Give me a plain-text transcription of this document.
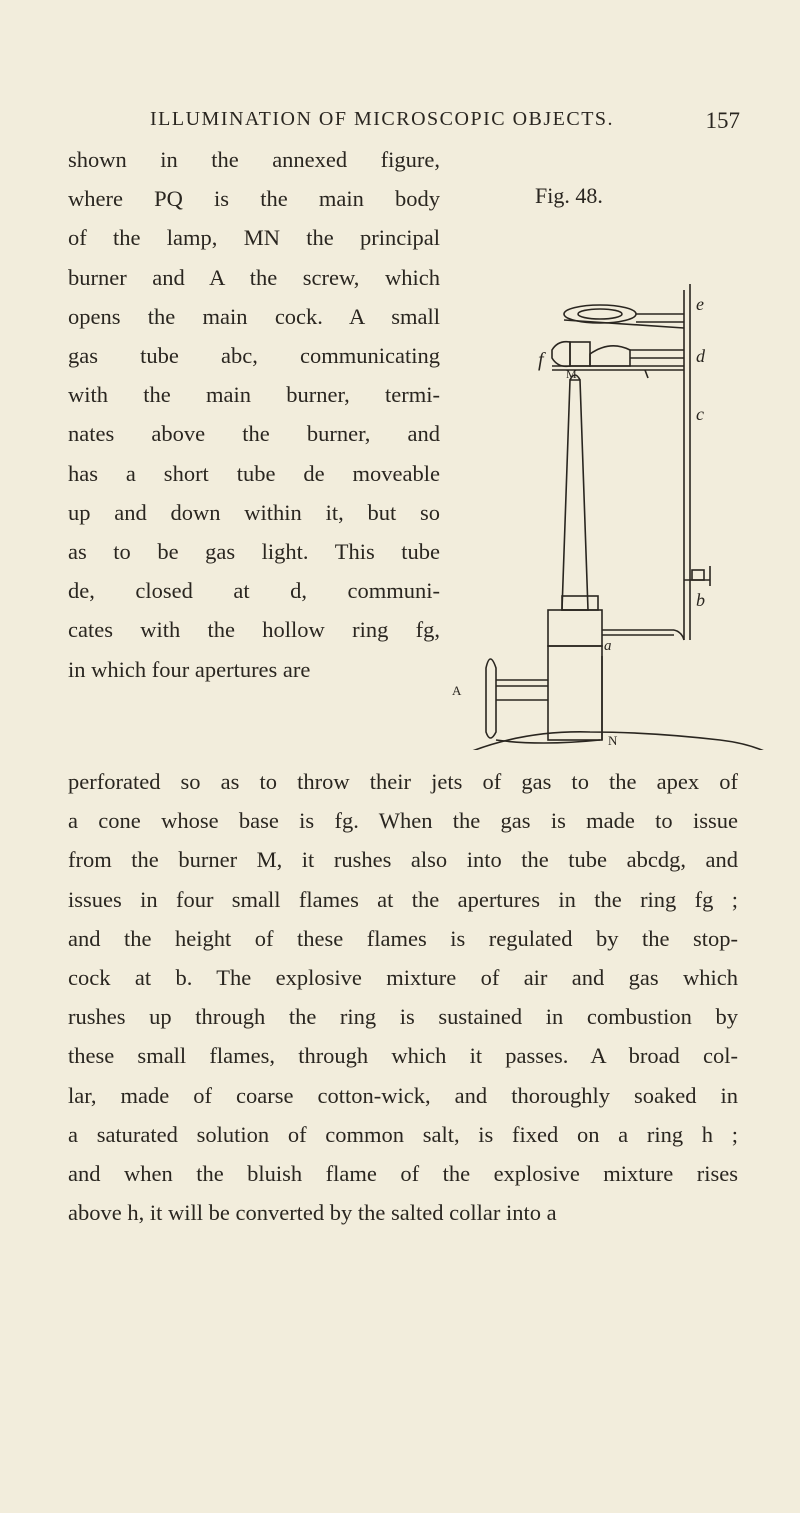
ILLUMINATION OF MICROSCOPIC OBJECTS.	157
shown in the annexed figure,
where PQ is the main body
of the lamp, MN the principal
burner and A the screw, which
opens the main cock. A small
gas tube abc, communicating
with the main burner, termi-
nates above the burner, and
has a short tube de moveable
up and down within it, but so
as to be gas light. This tube
de, closed at d, communi-
cates with the hollow ring fg,
in which four apertures are
Fig. 48.
e
d
c
b
a
f
M
N
A
perforated so as to throw their jets of gas to the apex of
a cone whose base is fg. When the gas is made to issue
from the burner M, it rushes also into the tube abcdg, and
issues in four small flames at the apertures in the ring fg ;
and the height of these flames is regulated by the stop-
cock at b. The explosive mixture of air and gas which
rushes up through the ring is sustained in combustion by
these small flames, through which it passes. A broad col-
lar, made of coarse cotton-wick, and thoroughly soaked in
a saturated solution of common salt, is fixed on a ring h ;
and when the bluish flame of the explosive mixture rises
above h, it will be converted by the salted collar into a
